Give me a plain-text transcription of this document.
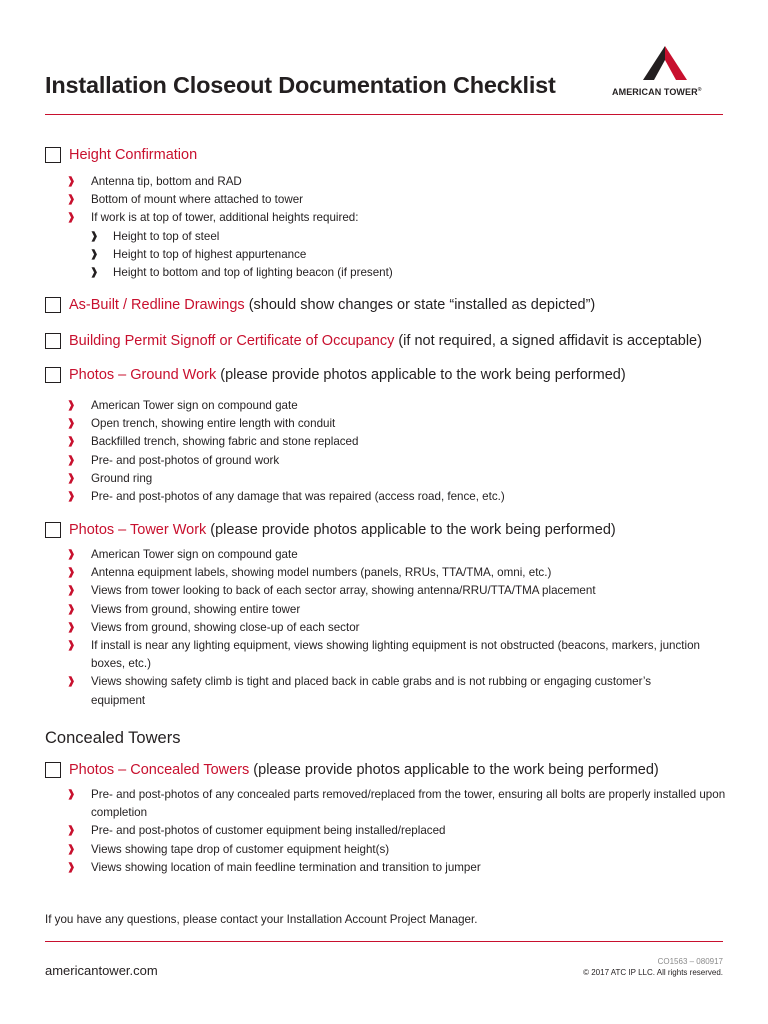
Installation Closeout Documentation Checklist	AMERICAN TOWER®
Height Confirmation
❱ Antenna tip, bottom and RAD
❱ Bottom of mount where attached to tower
❱ If work is at top of tower, additional heights required:
❱ Height to top of steel
❱ Height to top of highest appurtenance
❱ Height to bottom and top of lighting beacon (if present)
As-Built / Redline Drawings (should show changes or state “installed as depicted”)
Building Permit Signoff or Certificate of Occupancy (if not required, a signed affidavit is acceptable)
Photos – Ground Work (please provide photos applicable to the work being performed)
❱ American Tower sign on compound gate
❱ Open trench, showing entire length with conduit
❱ Backfilled trench, showing fabric and stone replaced
❱ Pre- and post-photos of ground work
❱ Ground ring
❱ Pre- and post-photos of any damage that was repaired (access road, fence, etc.)
Photos – Tower Work (please provide photos applicable to the work being performed)
❱ American Tower sign on compound gate
❱ Antenna equipment labels, showing model numbers (panels, RRUs, TTA/TMA, omni, etc.)
❱ Views from tower looking to back of each sector array, showing antenna/RRU/TTA/TMA placement
❱ Views from ground, showing entire tower
❱ Views from ground, showing close-up of each sector
❱ If install is near any lighting equipment, views showing lighting equipment is not obstructed (beacons, markers, junction boxes, etc.)
❱ Views showing safety climb is tight and placed back in cable grabs and is not rubbing or engaging customer’s equipment
Concealed Towers
Photos – Concealed Towers (please provide photos applicable to the work being performed)
❱ Pre- and post-photos of any concealed parts removed/replaced from the tower, ensuring all bolts are properly installed upon completion
❱ Pre- and post-photos of customer equipment being installed/replaced
❱ Views showing tape drop of customer equipment height(s)
❱ Views showing location of main feedline termination and transition to jumper
If you have any questions, please contact your Installation Account Project Manager.
americantower.com
CO1563 – 080917
© 2017 ATC IP LLC. All rights reserved.
